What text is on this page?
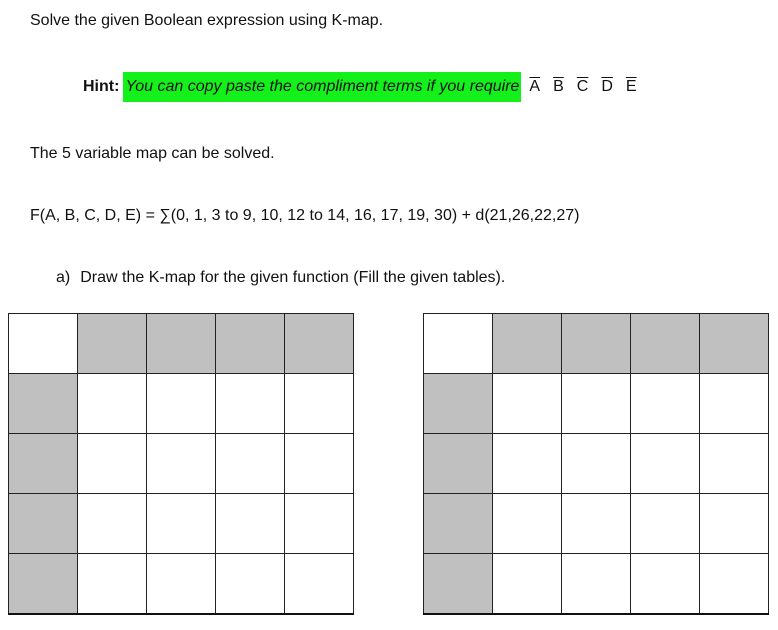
Solve the given Boolean expression using K-map.
Hint: You can copy paste the compliment terms if you require $\overline{A}$ $\overline{B}$ $\overline{C}$ $\overline{D}$ $\overline{E}$
The 5 variable map can be solved.
F(A, B, C, D, E) = ∑(0, 1, 3 to 9, 10, 12 to 14, 16, 17, 19, 30) + d(21,26,22,27)
a) Draw the K-map for the given function (Fill the given tables).
